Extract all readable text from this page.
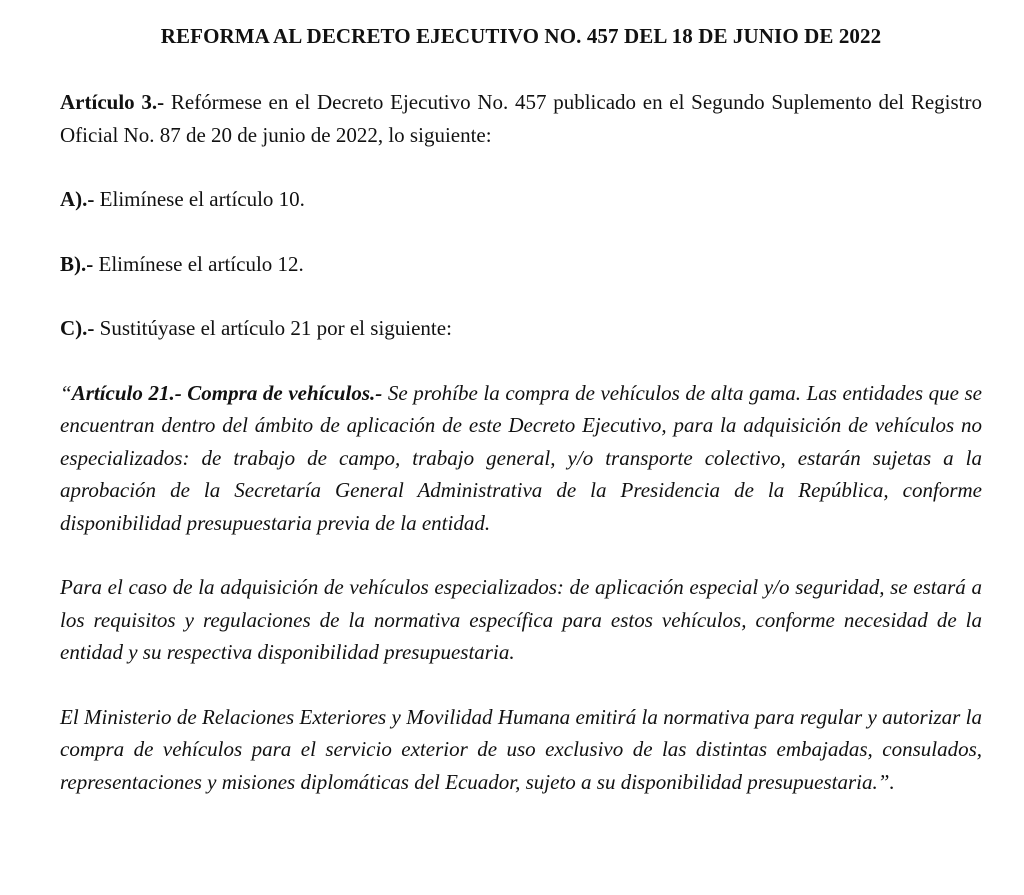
REFORMA AL DECRETO EJECUTIVO NO. 457 DEL 18 DE JUNIO DE 2022

Artículo 3.- Refórmese en el Decreto Ejecutivo No. 457 publicado en el Segundo Suplemento del Registro Oficial No. 87 de 20 de junio de 2022, lo siguiente:

A).- Elimínese el artículo 10.

B).- Elimínese el artículo 12.

C).- Sustitúyase el artículo 21 por el siguiente:

“Artículo 21.- Compra de vehículos.- Se prohíbe la compra de vehículos de alta gama. Las entidades que se encuentran dentro del ámbito de aplicación de este Decreto Ejecutivo, para la adquisición de vehículos no especializados: de trabajo de campo, trabajo general, y/o transporte colectivo, estarán sujetas a la aprobación de la Secretaría General Administrativa de la Presidencia de la República, conforme disponibilidad presupuestaria previa de la entidad.

Para el caso de la adquisición de vehículos especializados: de aplicación especial y/o seguridad, se estará a los requisitos y regulaciones de la normativa específica para estos vehículos, conforme necesidad de la entidad y su respectiva disponibilidad presupuestaria.

El Ministerio de Relaciones Exteriores y Movilidad Humana emitirá la normativa para regular y autorizar la compra de vehículos para el servicio exterior de uso exclusivo de las distintas embajadas, consulados, representaciones y misiones diplomáticas del Ecuador, sujeto a su disponibilidad presupuestaria.”.
